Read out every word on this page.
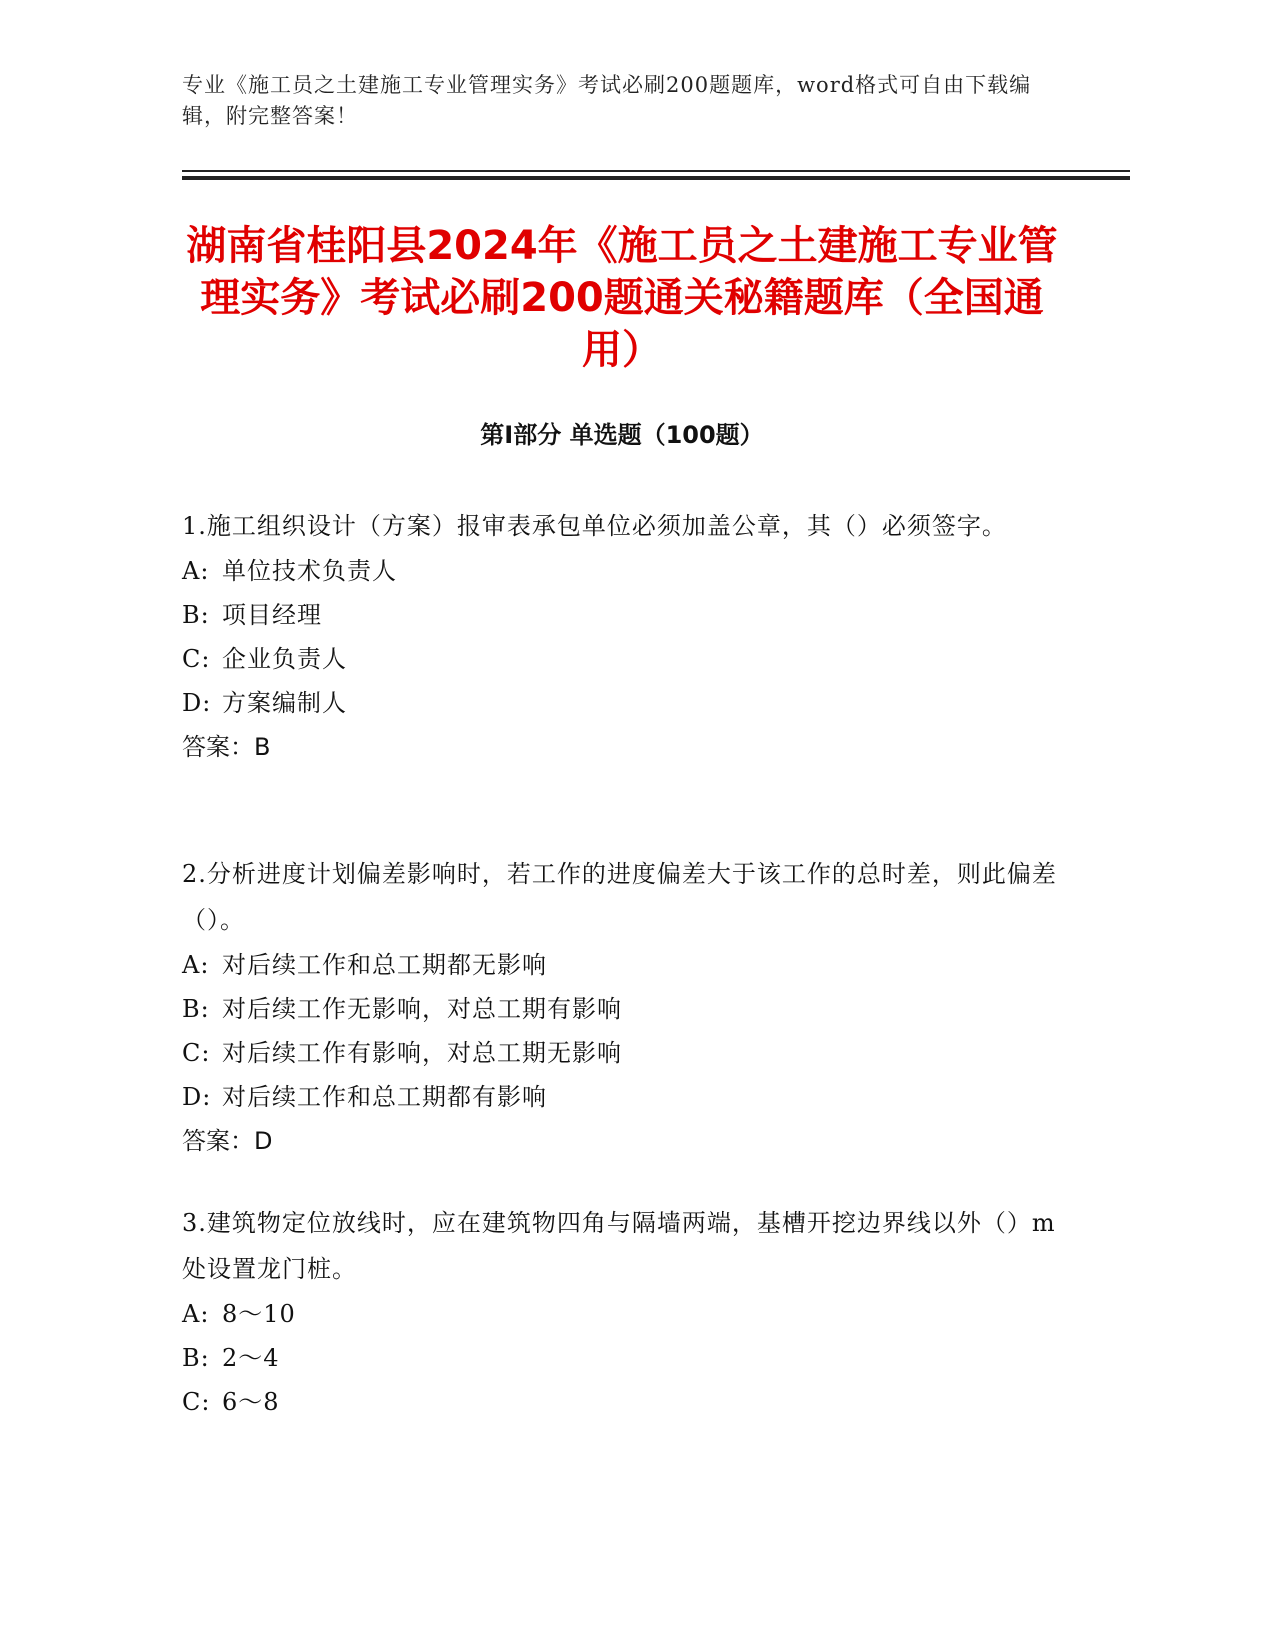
专业《施工员之土建施工专业管理实务》考试必刷200题题库，word格式可自由下载编辑，附完整答案！
湖南省桂阳县2024年《施工员之土建施工专业管理实务》考试必刷200题通关秘籍题库（全国通用）
第Ⅰ部分 单选题（100题）
1.施工组织设计（方案）报审表承包单位必须加盖公章，其（）必须签字。
A: 单位技术负责人
B: 项目经理
C: 企业负责人
D: 方案编制人
答案：B
2.分析进度计划偏差影响时，若工作的进度偏差大于该工作的总时差，则此偏差（）。
A: 对后续工作和总工期都无影响
B: 对后续工作无影响，对总工期有影响
C: 对后续工作有影响，对总工期无影响
D: 对后续工作和总工期都有影响
答案：D
3.建筑物定位放线时，应在建筑物四角与隔墙两端，基槽开挖边界线以外（）m处设置龙门桩。
A: 8～10
B: 2～4
C: 6～8
